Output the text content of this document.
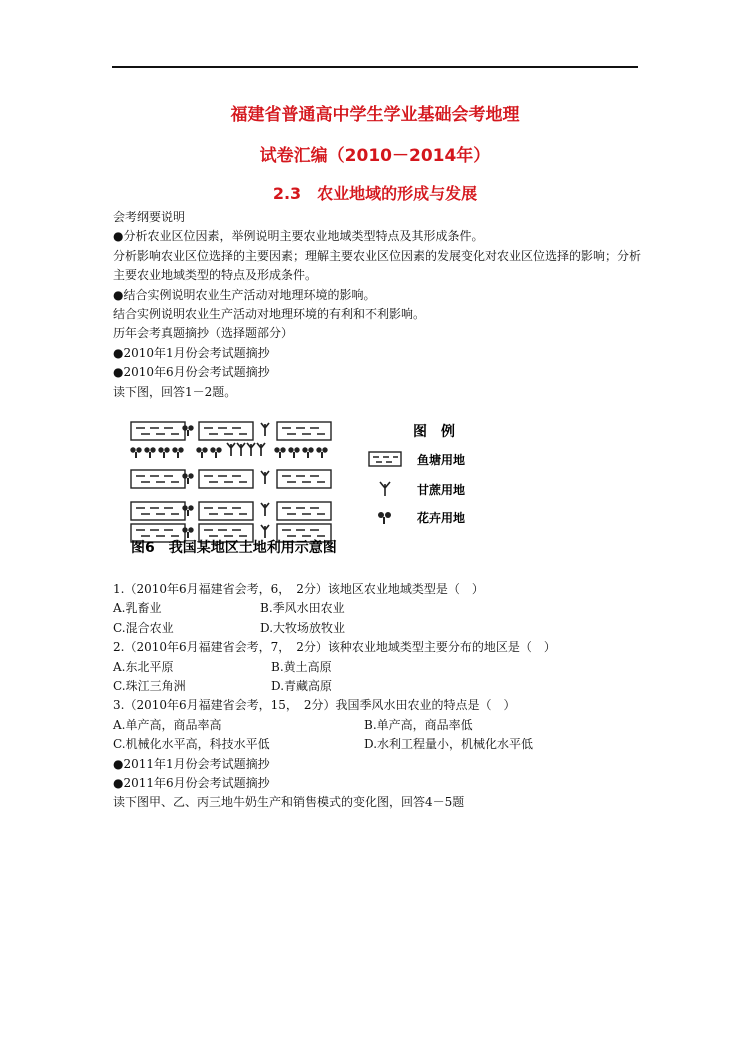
福建省普通高中学生学业基础会考地理
试卷汇编（2010－2014年）
2.3　农业地域的形成与发展
会考纲要说明
●分析农业区位因素，举例说明主要农业地域类型特点及其形成条件。
分析影响农业区位选择的主要因素；理解主要农业区位因素的发展变化对农业区位选择的影响；分析主要农业地域类型的特点及形成条件。
●结合实例说明农业生产活动对地理环境的影响。
结合实例说明农业生产活动对地理环境的有利和不利影响。
历年会考真题摘抄（选择题部分）
●2010年1月份会考试题摘抄
●2010年6月份会考试题摘抄
读下图，回答1－2题。
图　例
鱼塘用地
甘蔗用地
花卉用地
图6　我国某地区土地利用示意图
1.（2010年6月福建省会考，6，　2分）该地区农业地域类型是（　）
A.乳畜业	B.季风水田农业
C.混合农业	D.大牧场放牧业
2.（2010年6月福建省会考，7，　2分）该种农业地域类型主要分布的地区是（　）
A.东北平原	B.黄土高原
C.珠江三角洲	D.青藏高原
3.（2010年6月福建省会考，15，　2分）我国季风水田农业的特点是（　）
A.单产高，商品率高	B.单产高，商品率低
C.机械化水平高，科技水平低	D.水利工程量小，机械化水平低
●2011年1月份会考试题摘抄
●2011年6月份会考试题摘抄
读下图甲、乙、丙三地牛奶生产和销售模式的变化图，回答4－5题
